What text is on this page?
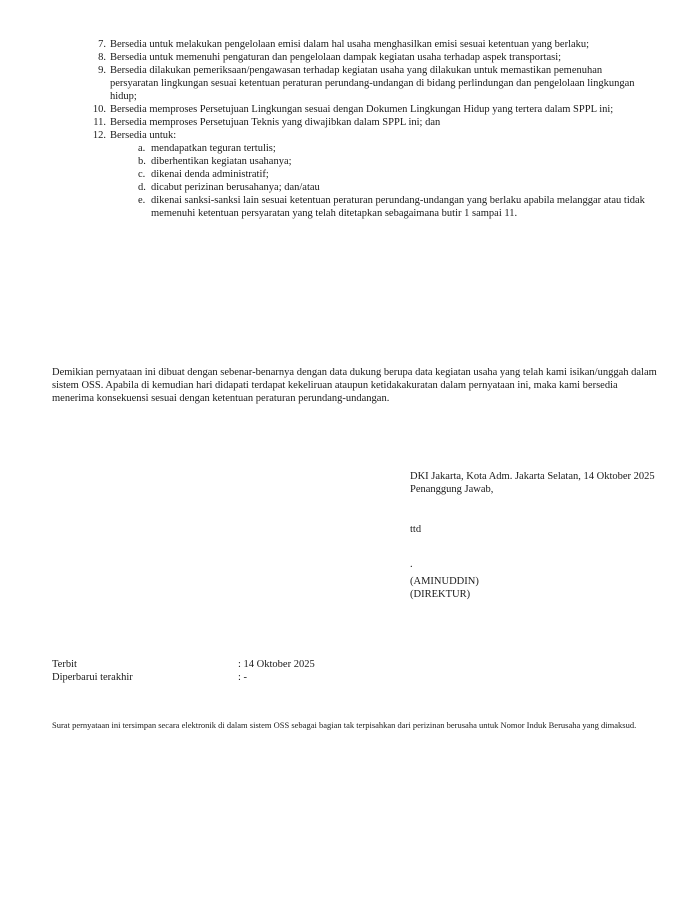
7. Bersedia untuk melakukan pengelolaan emisi dalam hal usaha menghasilkan emisi sesuai ketentuan yang berlaku;
8. Bersedia untuk memenuhi pengaturan dan pengelolaan dampak kegiatan usaha terhadap aspek transportasi;
9. Bersedia dilakukan pemeriksaan/pengawasan terhadap kegiatan usaha yang dilakukan untuk memastikan pemenuhan persyaratan lingkungan sesuai ketentuan peraturan perundang-undangan di bidang perlindungan dan pengelolaan lingkungan hidup;
10. Bersedia memproses Persetujuan Lingkungan sesuai dengan Dokumen Lingkungan Hidup yang tertera dalam SPPL ini;
11. Bersedia memproses Persetujuan Teknis yang diwajibkan dalam SPPL ini; dan
12. Bersedia untuk:
a. mendapatkan teguran tertulis;
b. diberhentikan kegiatan usahanya;
c. dikenai denda administratif;
d. dicabut perizinan berusahanya; dan/atau
e. dikenai sanksi-sanksi lain sesuai ketentuan peraturan perundang-undangan yang berlaku apabila melanggar atau tidak memenuhi ketentuan persyaratan yang telah ditetapkan sebagaimana butir 1 sampai 11.
Demikian pernyataan ini dibuat dengan sebenar-benarnya dengan data dukung berupa data kegiatan usaha yang telah kami isikan/unggah dalam sistem OSS. Apabila di kemudian hari didapati terdapat kekeliruan ataupun ketidakakuratan dalam pernyataan ini, maka kami bersedia menerima konsekuensi sesuai dengan ketentuan peraturan perundang-undangan.
DKI Jakarta, Kota Adm. Jakarta Selatan, 14 Oktober 2025
Penanggung Jawab,
ttd
.
(AMINUDDIN)
(DIREKTUR)
Terbit	: 14 Oktober 2025
Diperbarui terakhir	: -
Surat pernyataan ini tersimpan secara elektronik di dalam sistem OSS sebagai bagian tak terpisahkan dari perizinan berusaha untuk Nomor Induk Berusaha yang dimaksud.
